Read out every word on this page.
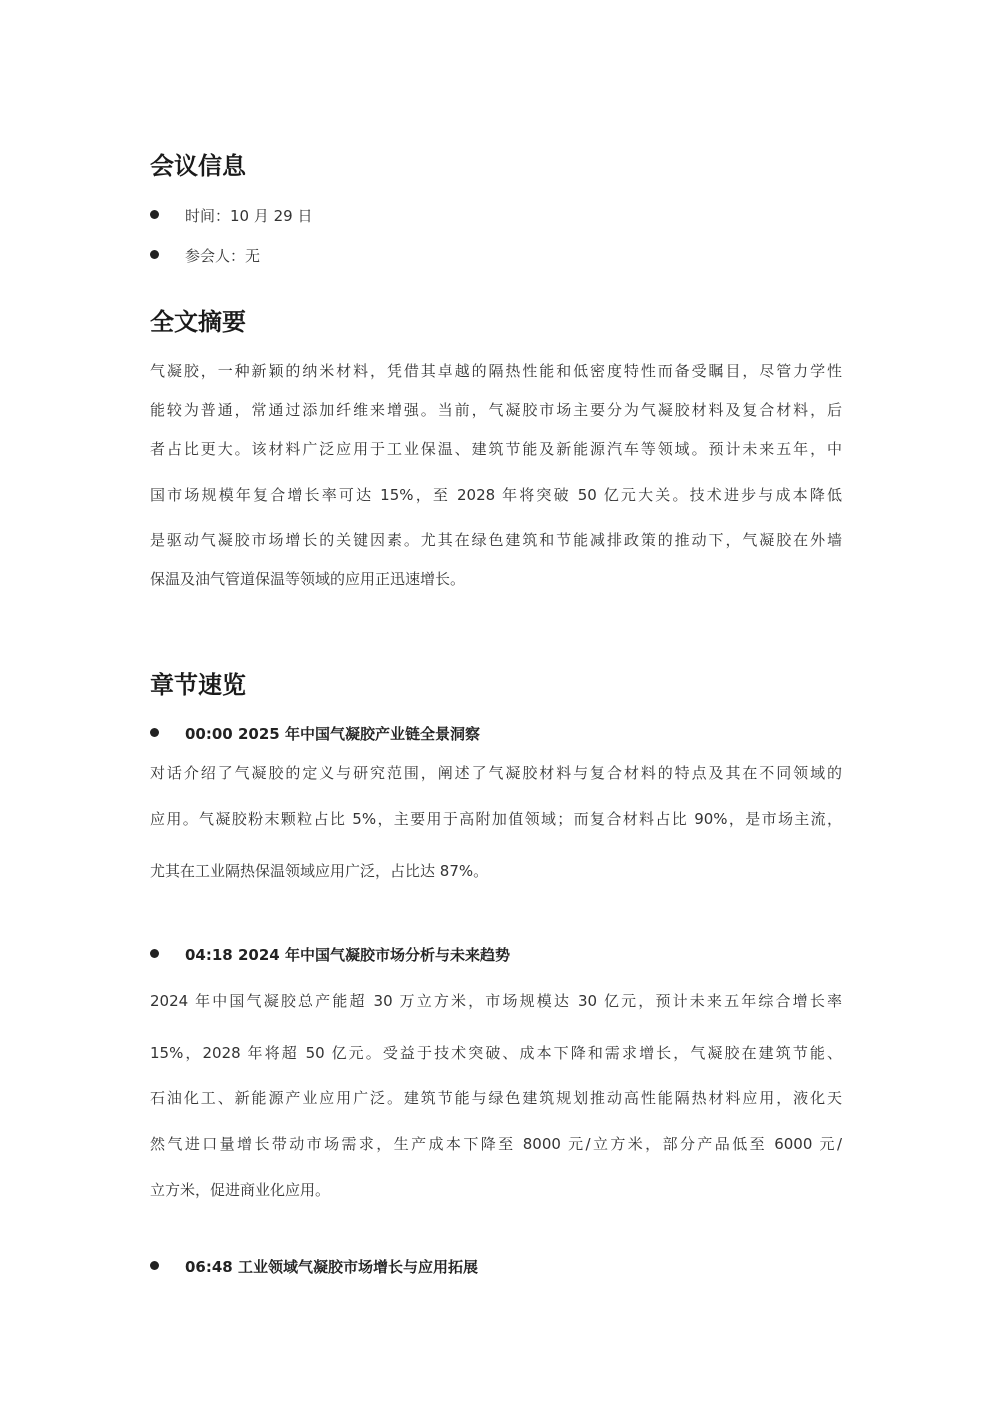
会议信息
时间：10 月 29 日
参会人：无
全文摘要
气凝胶，一种新颖的纳米材料，凭借其卓越的隔热性能和低密度特性而备受瞩目，尽管力学性
能较为普通，常通过添加纤维来增强。当前，气凝胶市场主要分为气凝胶材料及复合材料，后
者占比更大。该材料广泛应用于工业保温、建筑节能及新能源汽车等领域。预计未来五年，中
国市场规模年复合增长率可达 15%，至 2028 年将突破 50 亿元大关。技术进步与成本降低
是驱动气凝胶市场增长的关键因素。尤其在绿色建筑和节能减排政策的推动下，气凝胶在外墙
保温及油气管道保温等领域的应用正迅速增长。
章节速览
00:00 2025 年中国气凝胶产业链全景洞察
对话介绍了气凝胶的定义与研究范围，阐述了气凝胶材料与复合材料的特点及其在不同领域的
应用。气凝胶粉末颗粒占比 5%，主要用于高附加值领域；而复合材料占比 90%，是市场主流，
尤其在工业隔热保温领域应用广泛，占比达 87%。
04:18 2024 年中国气凝胶市场分析与未来趋势
2024 年中国气凝胶总产能超 30 万立方米，市场规模达 30 亿元，预计未来五年综合增长率
15%，2028 年将超 50 亿元。受益于技术突破、成本下降和需求增长，气凝胶在建筑节能、
石油化工、新能源产业应用广泛。建筑节能与绿色建筑规划推动高性能隔热材料应用，液化天
然气进口量增长带动市场需求，生产成本下降至 8000 元/立方米，部分产品低至 6000 元/
立方米，促进商业化应用。
06:48 工业领域气凝胶市场增长与应用拓展
